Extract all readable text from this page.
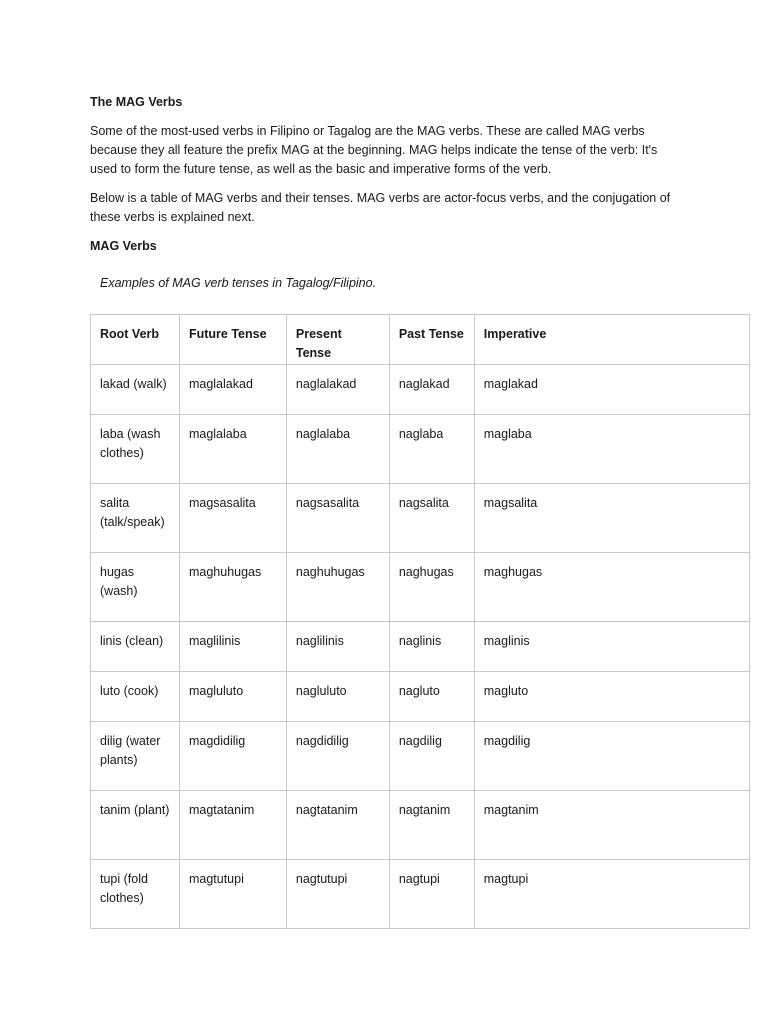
The MAG Verbs

Some of the most-used verbs in Filipino or Tagalog are the MAG verbs. These are called MAG verbs because they all feature the prefix MAG at the beginning. MAG helps indicate the tense of the verb: It's used to form the future tense, as well as the basic and imperative forms of the verb.

Below is a table of MAG verbs and their tenses. MAG verbs are actor-focus verbs, and the conjugation of these verbs is explained next.

MAG Verbs

Examples of MAG verb tenses in Tagalog/Filipino.

Root Verb	Future Tense	Present Tense	Past Tense	Imperative
lakad (walk)	maglalakad	naglalakad	naglakad	maglakad
laba (wash clothes)	maglalaba	naglalaba	naglaba	maglaba
salita (talk/speak)	magsasalita	nagsasalita	nagsalita	magsalita
hugas (wash)	maghuhugas	naghuhugas	naghugas	maghugas
linis (clean)	maglilinis	naglilinis	naglinis	maglinis
luto (cook)	magluluto	nagluluto	nagluto	magluto
dilig (water plants)	magdidilig	nagdidilig	nagdilig	magdilig
tanim (plant)	magtatanim	nagtatanim	nagtanim	magtanim
tupi (fold clothes)	magtutupi	nagtutupi	nagtupi	magtupi
